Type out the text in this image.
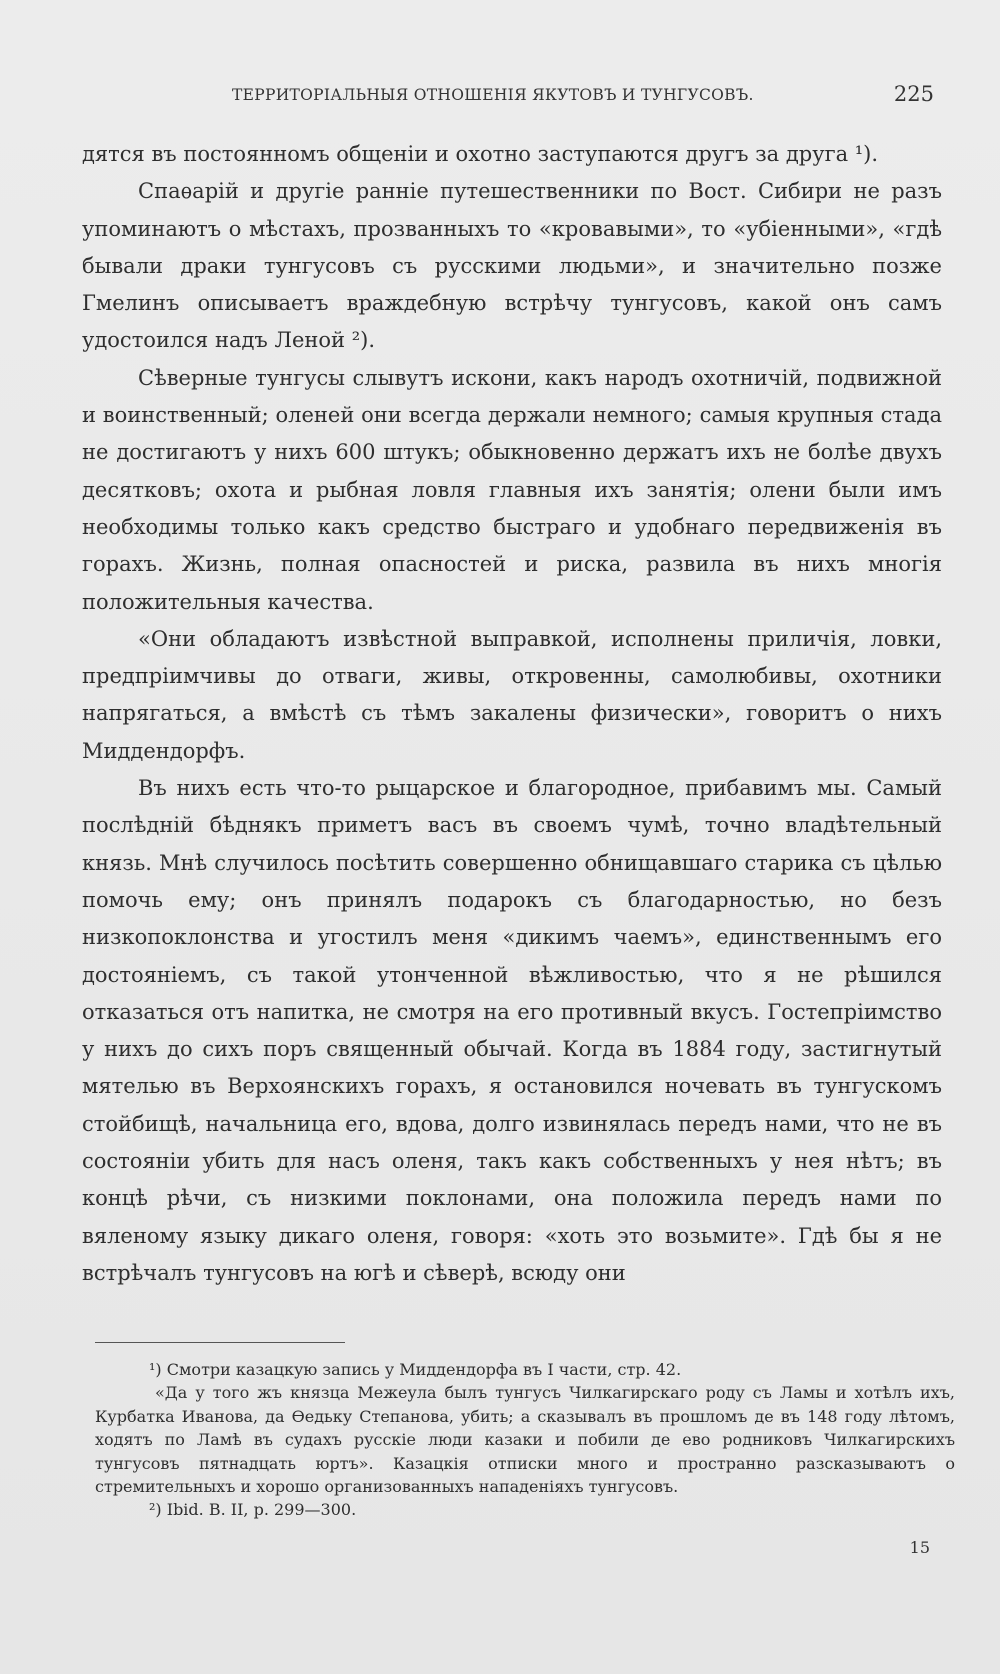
ТЕРРИТОРІАЛЬНЫЯ ОТНОШЕНІЯ ЯКУТОВЪ И ТУНГУСОВЪ.	225

дятся въ постоянномъ общеніи и охотно заступаются другъ за друга ¹).

Спаѳарій и другіе ранніе путешественники по Вост. Сибири не разъ упоминаютъ о мѣстахъ, прозванныхъ то «кровавыми», то «убіенными», «гдѣ бывали драки тунгусовъ съ русскими людьми», и значительно позже Гмелинъ описываетъ враждебную встрѣчу тунгусовъ, какой онъ самъ удостоился надъ Леной ²).

Сѣверные тунгусы слывутъ искони, какъ народъ охотничій, подвижной и воинственный; оленей они всегда держали немного; самыя крупныя стада не достигаютъ у нихъ 600 штукъ; обыкновенно держатъ ихъ не болѣе двухъ десятковъ; охота и рыбная ловля главныя ихъ занятія; олени были имъ необходимы только какъ средство быстраго и удобнаго передвиженія въ горахъ. Жизнь, полная опасностей и риска, развила въ нихъ многія положительныя качества.

«Они обладаютъ извѣстной выправкой, исполнены приличія, ловки, предпріимчивы до отваги, живы, откровенны, самолюбивы, охотники напрягаться, а вмѣстѣ съ тѣмъ закалены физически», говоритъ о нихъ Миддендорфъ.

Въ нихъ есть что-то рыцарское и благородное, прибавимъ мы. Самый послѣдній бѣднякъ приметъ васъ въ своемъ чумѣ, точно владѣтельный князь. Мнѣ случилось посѣтить совершенно обнищавшаго старика съ цѣлью помочь ему; онъ принялъ подарокъ съ благодарностью, но безъ низкопоклонства и угостилъ меня «дикимъ чаемъ», единственнымъ его достояніемъ, съ такой утонченной вѣжливостью, что я не рѣшился отказаться отъ напитка, не смотря на его противный вкусъ. Гостепріимство у нихъ до сихъ поръ священный обычай. Когда въ 1884 году, застигнутый мятелью въ Верхоянскихъ горахъ, я остановился ночевать въ тунгускомъ стойбищѣ, начальница его, вдова, долго извинялась передъ нами, что не въ состояніи убить для насъ оленя, такъ какъ собственныхъ у нея нѣтъ; въ концѣ рѣчи, съ низкими поклонами, она положила передъ нами по вяленому языку дикаго оленя, говоря: «хоть это возьмите». Гдѣ бы я не встрѣчалъ тунгусовъ на югѣ и сѣверѣ, всюду они

¹) Смотри казацкую запись у Миддендорфа въ I части, стр. 42.

«Да у того жъ князца Межеула былъ тунгусъ Чилкагирскаго роду съ Ламы и хотѣлъ ихъ, Курбатка Иванова, да Ѳедьку Степанова, убить; а сказывалъ въ прошломъ де въ 148 году лѣтомъ, ходятъ по Ламѣ въ судахъ русскіе люди казаки и побили де ево родниковъ Чилкагирскихъ тунгусовъ пятнадцать юртъ». Казацкія отписки много и пространно разсказываютъ о стремительныхъ и хорошо организованныхъ нападеніяхъ тунгусовъ.

²) Ibid. B. II, p. 299—300.

15
